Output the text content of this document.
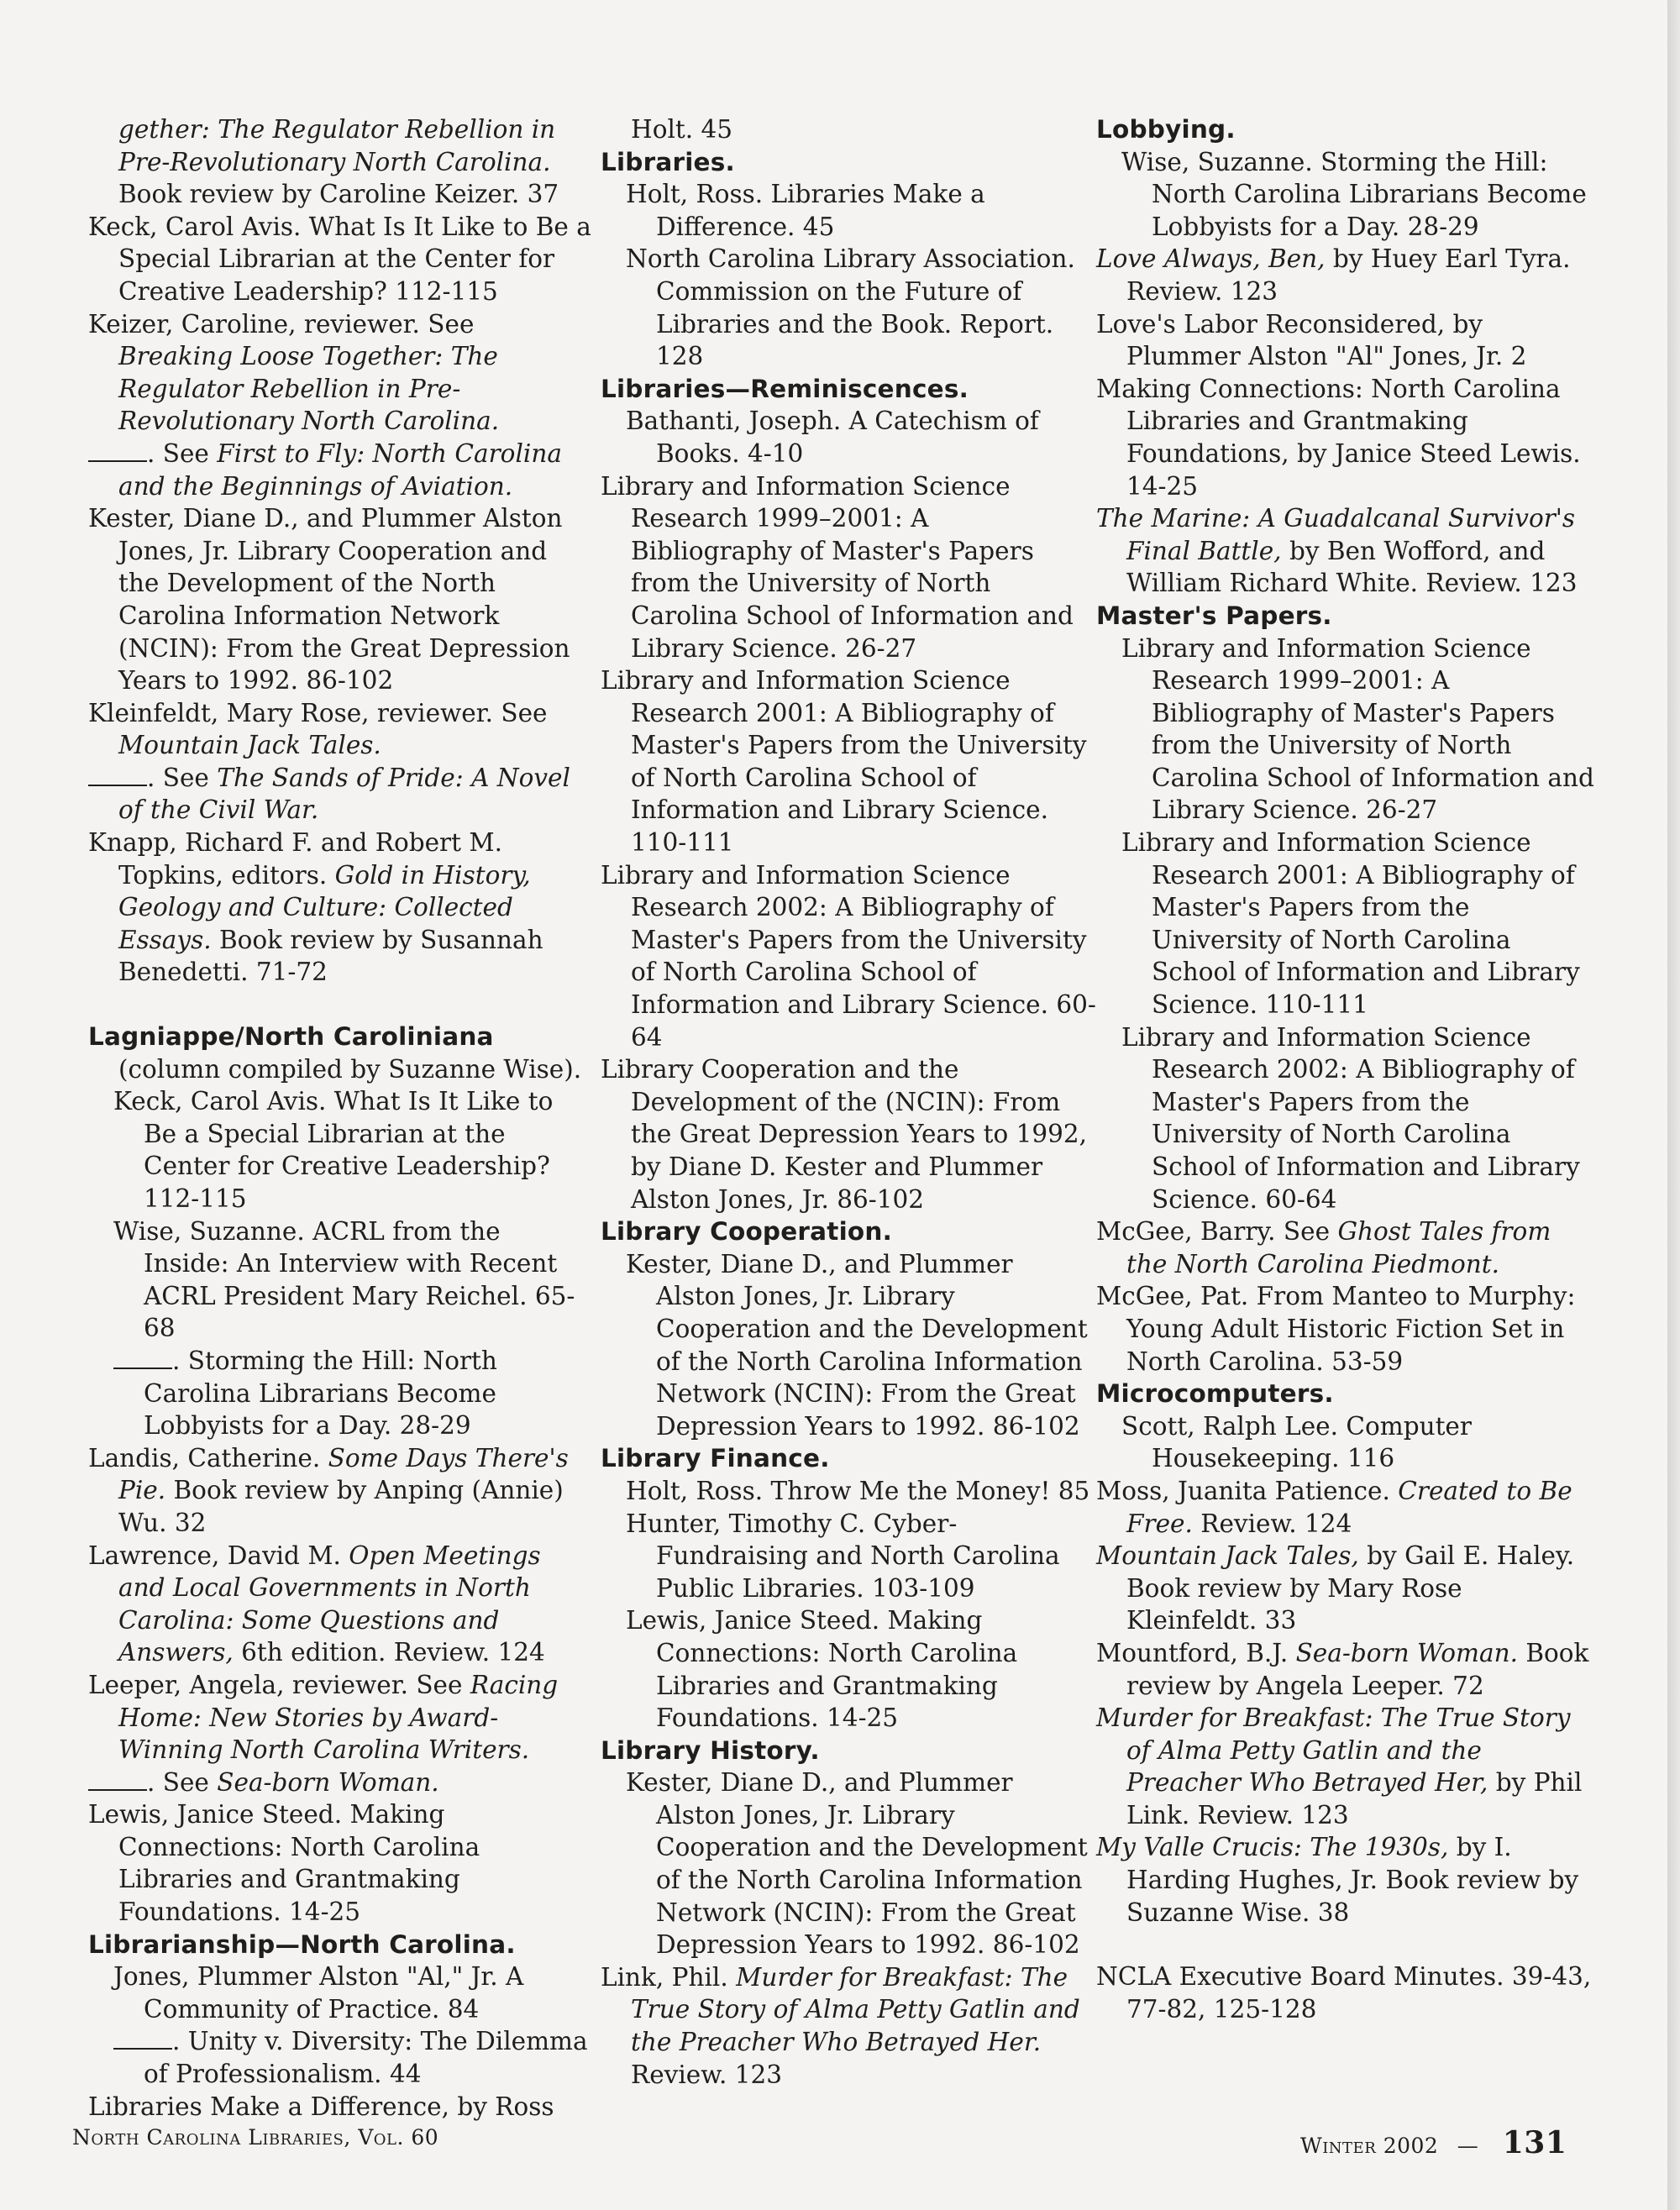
gether: The Regulator Rebellion in Pre-Revolutionary North Carolina. Book review by Caroline Keizer. 37
Keck, Carol Avis. What Is It Like to Be a Special Librarian at the Center for Creative Leadership? 112-115
Keizer, Caroline, reviewer. See Breaking Loose Together: The Regulator Rebellion in Pre-Revolutionary North Carolina.
. See First to Fly: North Carolina and the Beginnings of Aviation.
Kester, Diane D., and Plummer Alston Jones, Jr. Library Cooperation and the Development of the North Carolina Information Network (NCIN): From the Great Depression Years to 1992. 86-102
Kleinfeldt, Mary Rose, reviewer. See Mountain Jack Tales.
. See The Sands of Pride: A Novel of the Civil War.
Knapp, Richard F. and Robert M. Topkins, editors. Gold in History, Geology and Culture: Collected Essays. Book review by Susannah Benedetti. 71-72
Lagniappe/North Caroliniana (column compiled by Suzanne Wise).
Keck, Carol Avis. What Is It Like to Be a Special Librarian at the Center for Creative Leadership? 112-115
Wise, Suzanne. ACRL from the Inside: An Interview with Recent ACRL President Mary Reichel. 65-68
. Storming the Hill: North Carolina Librarians Become Lobbyists for a Day. 28-29
Landis, Catherine. Some Days There's Pie. Book review by Anping (Annie) Wu. 32
Lawrence, David M. Open Meetings and Local Governments in North Carolina: Some Questions and Answers, 6th edition. Review. 124
Leeper, Angela, reviewer. See Racing Home: New Stories by Award-Winning North Carolina Writers.
. See Sea-born Woman.
Lewis, Janice Steed. Making Connections: North Carolina Libraries and Grantmaking Foundations. 14-25
Librarianship—North Carolina.
Jones, Plummer Alston "Al," Jr. A Community of Practice. 84
. Unity v. Diversity: The Dilemma of Professionalism. 44
Libraries Make a Difference, by Ross
Holt. 45
Libraries.
Holt, Ross. Libraries Make a Difference. 45
North Carolina Library Association. Commission on the Future of Libraries and the Book. Report. 128
Libraries—Reminiscences.
Bathanti, Joseph. A Catechism of Books. 4-10
Library and Information Science Research 1999–2001: A Bibliography of Master's Papers from the University of North Carolina School of Information and Library Science. 26-27
Library and Information Science Research 2001: A Bibliography of Master's Papers from the University of North Carolina School of Information and Library Science. 110-111
Library and Information Science Research 2002: A Bibliography of Master's Papers from the University of North Carolina School of Information and Library Science. 60-64
Library Cooperation and the Development of the (NCIN): From the Great Depression Years to 1992, by Diane D. Kester and Plummer Alston Jones, Jr. 86-102
Library Cooperation.
Kester, Diane D., and Plummer Alston Jones, Jr. Library Cooperation and the Development of the North Carolina Information Network (NCIN): From the Great Depression Years to 1992. 86-102
Library Finance.
Holt, Ross. Throw Me the Money! 85
Hunter, Timothy C. Cyber-Fundraising and North Carolina Public Libraries. 103-109
Lewis, Janice Steed. Making Connections: North Carolina Libraries and Grantmaking Foundations. 14-25
Library History.
Kester, Diane D., and Plummer Alston Jones, Jr. Library Cooperation and the Development of the North Carolina Information Network (NCIN): From the Great Depression Years to 1992. 86-102
Link, Phil. Murder for Breakfast: The True Story of Alma Petty Gatlin and the Preacher Who Betrayed Her. Review. 123
Lobbying.
Wise, Suzanne. Storming the Hill: North Carolina Librarians Become Lobbyists for a Day. 28-29
Love Always, Ben, by Huey Earl Tyra. Review. 123
Love's Labor Reconsidered, by Plummer Alston "Al" Jones, Jr. 2
Making Connections: North Carolina Libraries and Grantmaking Foundations, by Janice Steed Lewis. 14-25
The Marine: A Guadalcanal Survivor's Final Battle, by Ben Wofford, and William Richard White. Review. 123
Master's Papers.
Library and Information Science Research 1999–2001: A Bibliography of Master's Papers from the University of North Carolina School of Information and Library Science. 26-27
Library and Information Science Research 2001: A Bibliography of Master's Papers from the University of North Carolina School of Information and Library Science. 110-111
Library and Information Science Research 2002: A Bibliography of Master's Papers from the University of North Carolina School of Information and Library Science. 60-64
McGee, Barry. See Ghost Tales from the North Carolina Piedmont.
McGee, Pat. From Manteo to Murphy: Young Adult Historic Fiction Set in North Carolina. 53-59
Microcomputers.
Scott, Ralph Lee. Computer Housekeeping. 116
Moss, Juanita Patience. Created to Be Free. Review. 124
Mountain Jack Tales, by Gail E. Haley. Book review by Mary Rose Kleinfeldt. 33
Mountford, B.J. Sea-born Woman. Book review by Angela Leeper. 72
Murder for Breakfast: The True Story of Alma Petty Gatlin and the Preacher Who Betrayed Her, by Phil Link. Review. 123
My Valle Crucis: The 1930s, by I. Harding Hughes, Jr. Book review by Suzanne Wise. 38
NCLA Executive Board Minutes. 39-43, 77-82, 125-128
North Carolina Libraries, Vol. 60	Winter 2002 — 131
